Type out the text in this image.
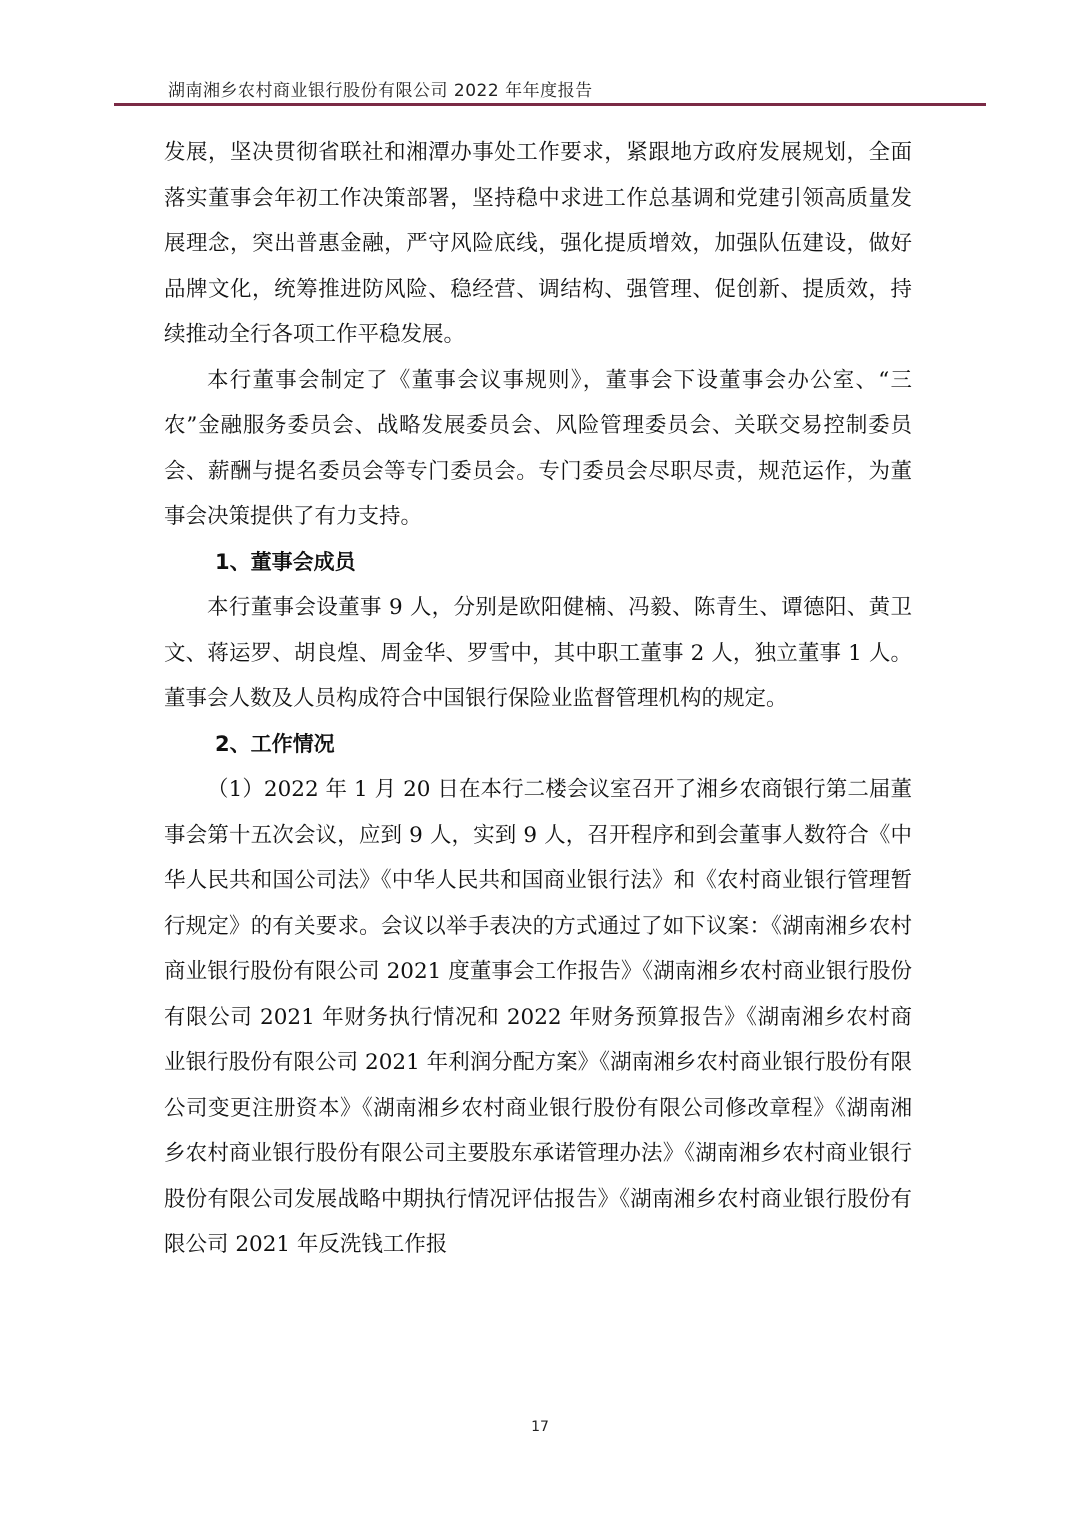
湖南湘乡农村商业银行股份有限公司 2022 年年度报告

发展，坚决贯彻省联社和湘潭办事处工作要求，紧跟地方政府发展规划，全面落实董事会年初工作决策部署，坚持稳中求进工作总基调和党建引领高质量发展理念，突出普惠金融，严守风险底线，强化提质增效，加强队伍建设，做好品牌文化，统筹推进防风险、稳经营、调结构、强管理、促创新、提质效，持续推动全行各项工作平稳发展。

本行董事会制定了《董事会议事规则》，董事会下设董事会办公室、“三农”金融服务委员会、战略发展委员会、风险管理委员会、关联交易控制委员会、薪酬与提名委员会等专门委员会。专门委员会尽职尽责，规范运作，为董事会决策提供了有力支持。

1、董事会成员

本行董事会设董事 9 人，分别是欧阳健楠、冯毅、陈青生、谭德阳、黄卫文、蒋运罗、胡良煌、周金华、罗雪中，其中职工董事 2 人，独立董事 1 人。董事会人数及人员构成符合中国银行保险业监督管理机构的规定。

2、工作情况

（1）2022 年 1 月 20 日在本行二楼会议室召开了湘乡农商银行第二届董事会第十五次会议，应到 9 人，实到 9 人，召开程序和到会董事人数符合《中华人民共和国公司法》《中华人民共和国商业银行法》和《农村商业银行管理暂行规定》的有关要求。会议以举手表决的方式通过了如下议案：《湖南湘乡农村商业银行股份有限公司 2021 度董事会工作报告》《湖南湘乡农村商业银行股份有限公司 2021 年财务执行情况和 2022 年财务预算报告》《湖南湘乡农村商业银行股份有限公司 2021 年利润分配方案》《湖南湘乡农村商业银行股份有限公司变更注册资本》《湖南湘乡农村商业银行股份有限公司修改章程》《湖南湘乡农村商业银行股份有限公司主要股东承诺管理办法》《湖南湘乡农村商业银行股份有限公司发展战略中期执行情况评估报告》《湖南湘乡农村商业银行股份有限公司 2021 年反洗钱工作报

17
